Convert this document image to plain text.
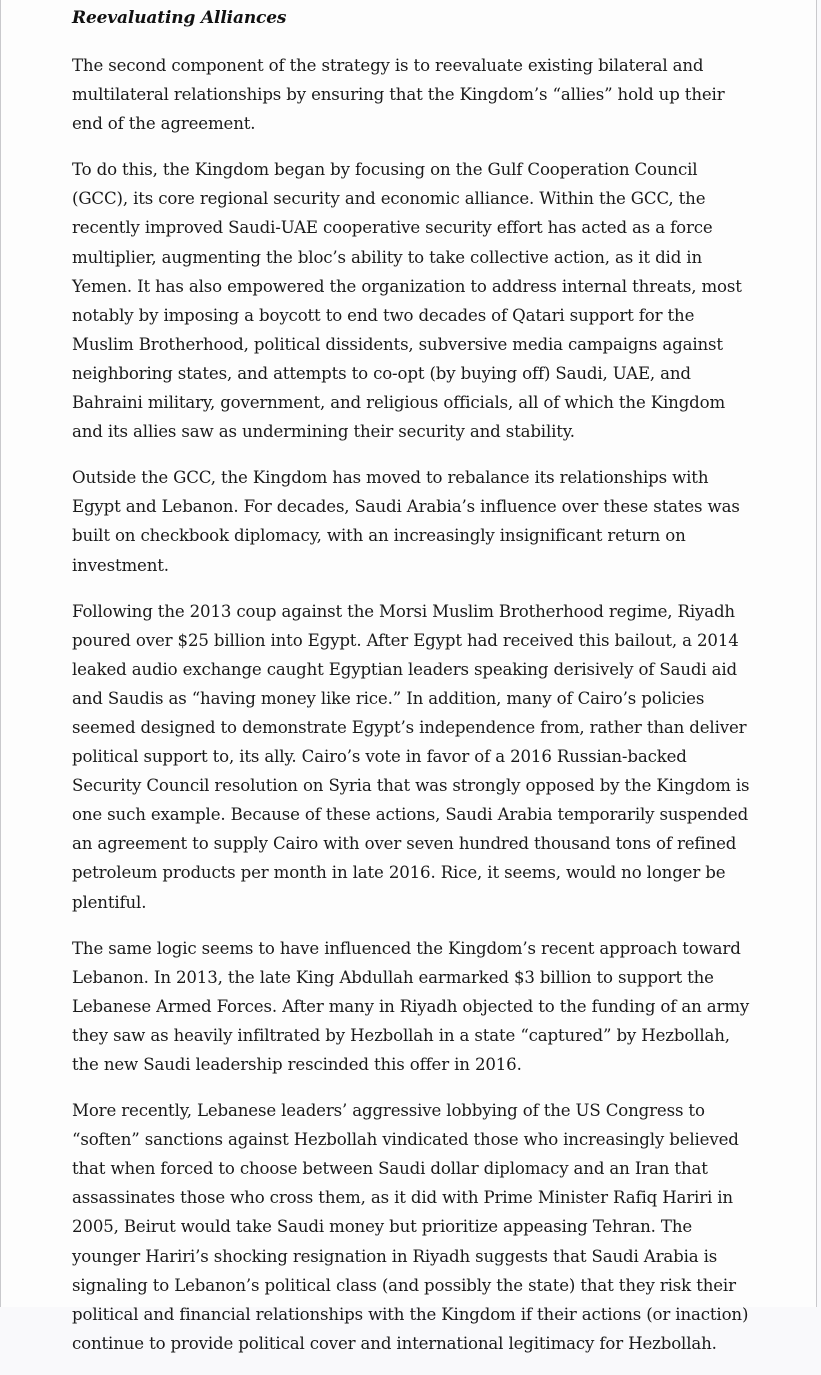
Reevaluating Alliances

The second component of the strategy is to reevaluate existing bilateral and multilateral relationships by ensuring that the Kingdom’s “allies” hold up their end of the agreement.

To do this, the Kingdom began by focusing on the Gulf Cooperation Council (GCC), its core regional security and economic alliance. Within the GCC, the recently improved Saudi-UAE cooperative security effort has acted as a force multiplier, augmenting the bloc’s ability to take collective action, as it did in Yemen. It has also empowered the organization to address internal threats, most notably by imposing a boycott to end two decades of Qatari support for the Muslim Brotherhood, political dissidents, subversive media campaigns against neighboring states, and attempts to co-opt (by buying off) Saudi, UAE, and Bahraini military, government, and religious officials, all of which the Kingdom and its allies saw as undermining their security and stability.

Outside the GCC, the Kingdom has moved to rebalance its relationships with Egypt and Lebanon. For decades, Saudi Arabia’s influence over these states was built on checkbook diplomacy, with an increasingly insignificant return on investment.

Following the 2013 coup against the Morsi Muslim Brotherhood regime, Riyadh poured over $25 billion into Egypt. After Egypt had received this bailout, a 2014 leaked audio exchange caught Egyptian leaders speaking derisively of Saudi aid and Saudis as “having money like rice.” In addition, many of Cairo’s policies seemed designed to demonstrate Egypt’s independence from, rather than deliver political support to, its ally. Cairo’s vote in favor of a 2016 Russian-backed Security Council resolution on Syria that was strongly opposed by the Kingdom is one such example. Because of these actions, Saudi Arabia temporarily suspended an agreement to supply Cairo with over seven hundred thousand tons of refined petroleum products per month in late 2016. Rice, it seems, would no longer be plentiful.

The same logic seems to have influenced the Kingdom’s recent approach toward Lebanon. In 2013, the late King Abdullah earmarked $3 billion to support the Lebanese Armed Forces. After many in Riyadh objected to the funding of an army they saw as heavily infiltrated by Hezbollah in a state “captured” by Hezbollah, the new Saudi leadership rescinded this offer in 2016.

More recently, Lebanese leaders’ aggressive lobbying of the US Congress to “soften” sanctions against Hezbollah vindicated those who increasingly believed that when forced to choose between Saudi dollar diplomacy and an Iran that assassinates those who cross them, as it did with Prime Minister Rafiq Hariri in 2005, Beirut would take Saudi money but prioritize appeasing Tehran. The younger Hariri’s shocking resignation in Riyadh suggests that Saudi Arabia is signaling to Lebanon’s political class (and possibly the state) that they risk their political and financial relationships with the Kingdom if their actions (or inaction) continue to provide political cover and international legitimacy for Hezbollah.
